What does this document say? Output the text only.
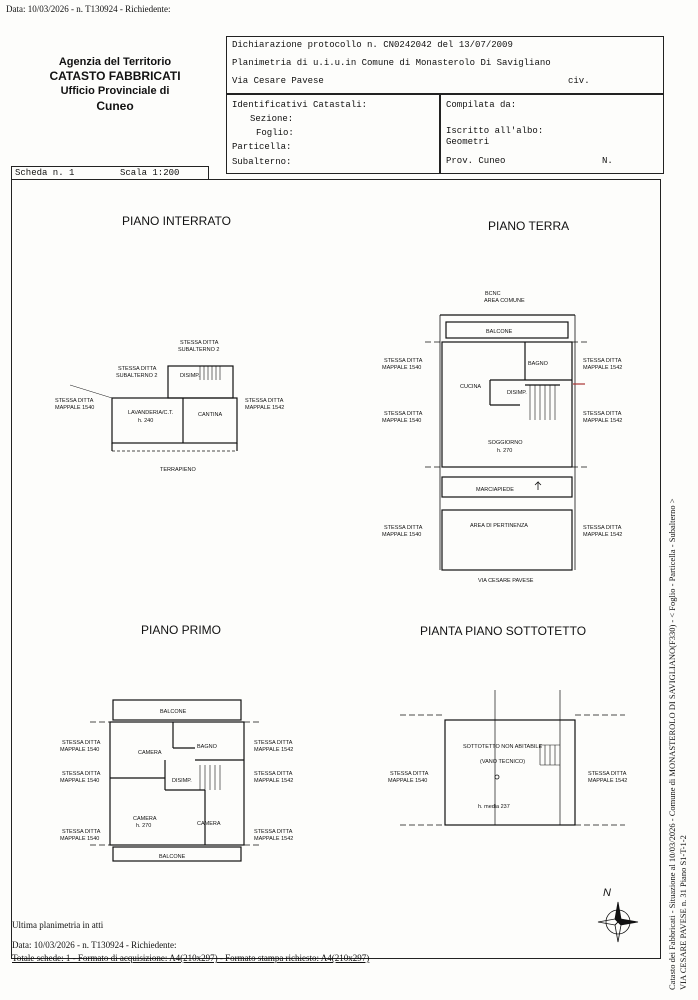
Data: 10/03/2026 - n. T130924 - Richiedente:
Agenzia del Territorio
CATASTO FABBRICATI
Ufficio Provinciale di
Cuneo
Dichiarazione protocollo n. CN0242042 del 13/07/2009
Planimetria di u.i.u.in Comune di Monasterolo Di Savigliano
Via Cesare Pavese	civ.
Identificativi Catastali:
Sezione:
Foglio:
Particella:
Subalterno:
Compilata da:
Iscritto all'albo:
Geometri
Prov. Cuneo	N.
Scheda n. 1	Scala 1:200
PIANO INTERRATO
STESSA DITTA
SUBALTERNO 2
STESSA DITTA
SUBALTERNO 2	DISIMP.
LAVANDERIA/C.T.
h. 240
CANTINA
STESSA DITTA
MAPPALE 1540
STESSA DITTA
MAPPALE 1542
TERRAPIENO
PIANO TERRA
BCNC
AREA COMUNE
BALCONE
BAGNO
CUCINA
DISIMP.
SOGGIORNO
h. 270
MARCIAPIEDE
AREA DI PERTINENZA
VIA CESARE PAVESE
STESSA DITTA
MAPPALE 1540
STESSA DITTA
MAPPALE 1540
STESSA DITTA
MAPPALE 1540
STESSA DITTA
MAPPALE 1542
STESSA DITTA
MAPPALE 1542
STESSA DITTA
MAPPALE 1542
PIANO PRIMO
BALCONE
CAMERA
BAGNO
DISIMP.
CAMERA
h. 270	CAMERA
BALCONE
STESSA DITTA
MAPPALE 1540
STESSA DITTA
MAPPALE 1540
STESSA DITTA
MAPPALE 1540
STESSA DITTA
MAPPALE 1542
STESSA DITTA
MAPPALE 1542
STESSA DITTA
MAPPALE 1542
PIANTA PIANO SOTTOTETTO
SOTTOTETTO NON ABITABILE
(VANO TECNICO)
h. media 237
STESSA DITTA
MAPPALE 1540
STESSA DITTA
MAPPALE 1542
N	Catasto dei Fabbricati - Situazione al 10/03/2026 - Comune di MONASTEROLO DI SAVIGLIANO(F330) - < Foglio - Particella - Subalterno > VIA CESARE PAVESE n. 31 Piano S1-T-1-2
Ultima planimetria in atti
Data: 10/03/2026 - n. T130924 - Richiedente:
Totale schede: 1 - Formato di acquisizione: A4(210x297) - Formato stampa richiesto: A4(210x297)
